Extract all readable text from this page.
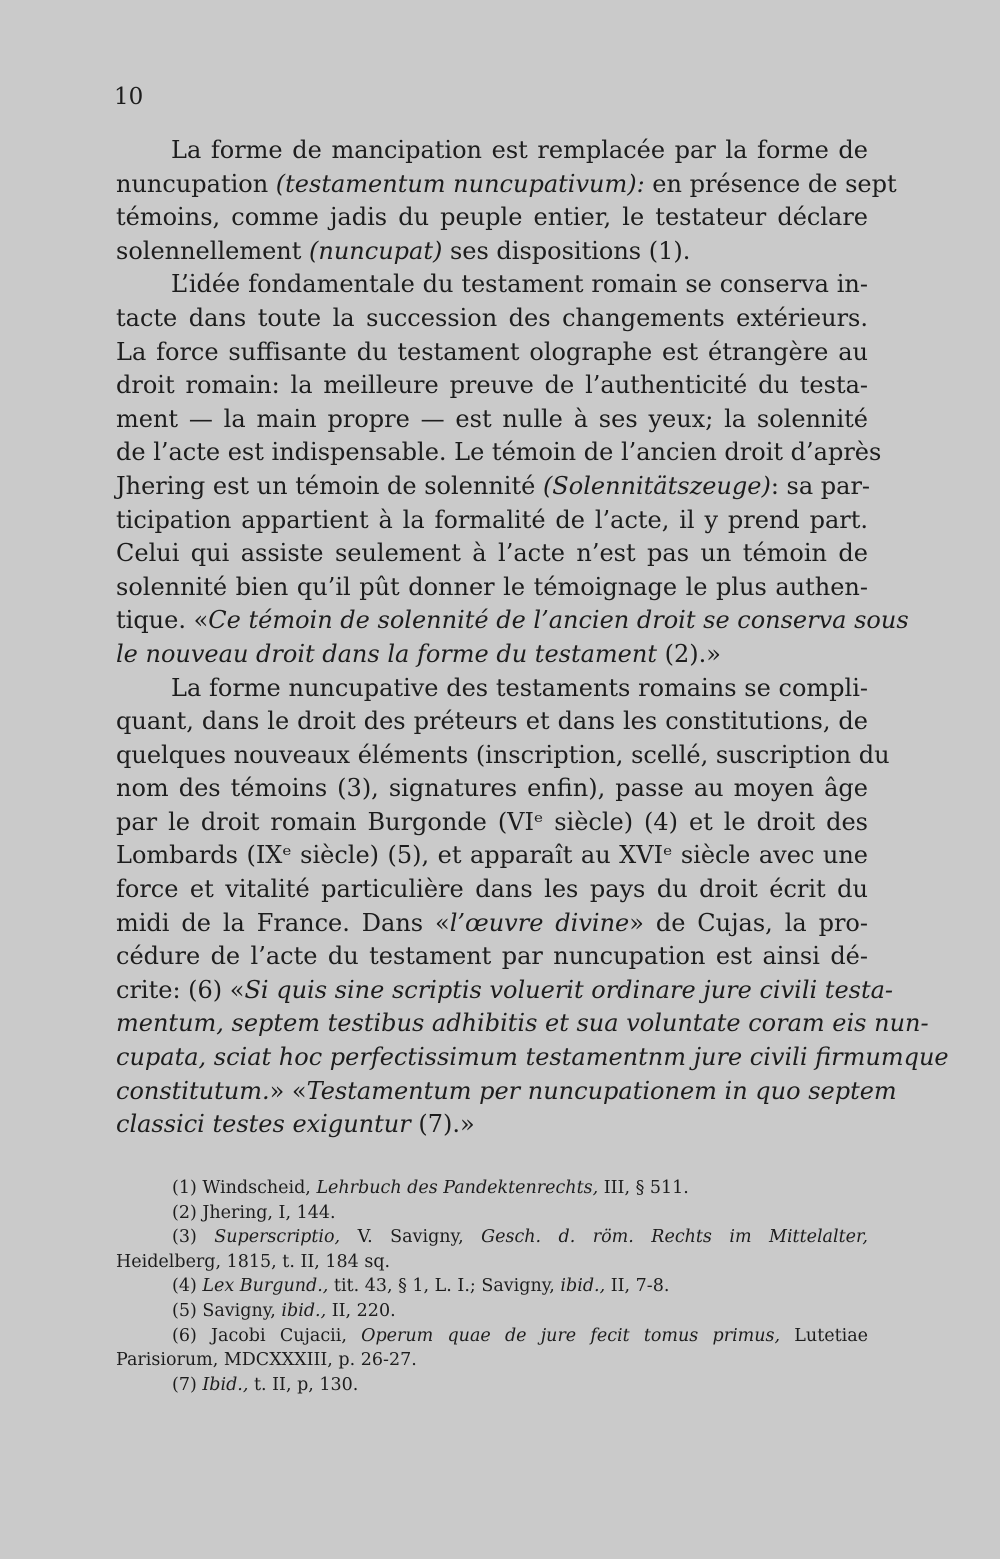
10
La forme de mancipation est remplacée par la forme de
nuncupation (testamentum nuncupativum): en présence de sept
témoins, comme jadis du peuple entier, le testateur déclare
solennellement (nuncupat) ses dispositions (1).
L’idée fondamentale du testament romain se conserva in-
tacte dans toute la succession des changements extérieurs.
La force suffisante du testament olographe est étrangère au
droit romain: la meilleure preuve de l’authenticité du testa-
ment — la main propre — est nulle à ses yeux; la solennité
de l’acte est indispensable. Le témoin de l’ancien droit d’après
Jhering est un témoin de solennité (Solennitätszeuge): sa par-
ticipation appartient à la formalité de l’acte, il y prend part.
Celui qui assiste seulement à l’acte n’est pas un témoin de
solennité bien qu’il pût donner le témoignage le plus authen-
tique. «Ce témoin de solennité de l’ancien droit se conserva sous
le nouveau droit dans la forme du testament (2).»
La forme nuncupative des testaments romains se compli-
quant, dans le droit des préteurs et dans les constitutions, de
quelques nouveaux éléments (inscription, scellé, suscription du
nom des témoins (3), signatures enfin), passe au moyen âge
par le droit romain Burgonde (VIᵉ siècle) (4) et le droit des
Lombards (IXᵉ siècle) (5), et apparaît au XVIᵉ siècle avec une
force et vitalité particulière dans les pays du droit écrit du
midi de la France. Dans «l’œuvre divine» de Cujas, la pro-
cédure de l’acte du testament par nuncupation est ainsi dé-
crite: (6) «Si quis sine scriptis voluerit ordinare jure civili testa-
mentum, septem testibus adhibitis et sua voluntate coram eis nun-
cupata, sciat hoc perfectissimum testamentnm jure civili firmumque
constitutum.» «Testamentum per nuncupationem in quo septem
classici testes exiguntur (7).»
(1) Windscheid, Lehrbuch des Pandektenrechts, III, § 511.
(2) Jhering, I, 144.
(3) Superscriptio, V. Savigny, Gesch. d. röm. Rechts im Mittelalter,
Heidelberg, 1815, t. II, 184 sq.
(4) Lex Burgund., tit. 43, § 1, L. I.; Savigny, ibid., II, 7-8.
(5) Savigny, ibid., II, 220.
(6) Jacobi Cujacii, Operum quae de jure fecit tomus primus, Lutetiae
Parisiorum, MDCXXXIII, p. 26-27.
(7) Ibid., t. II, p, 130.
